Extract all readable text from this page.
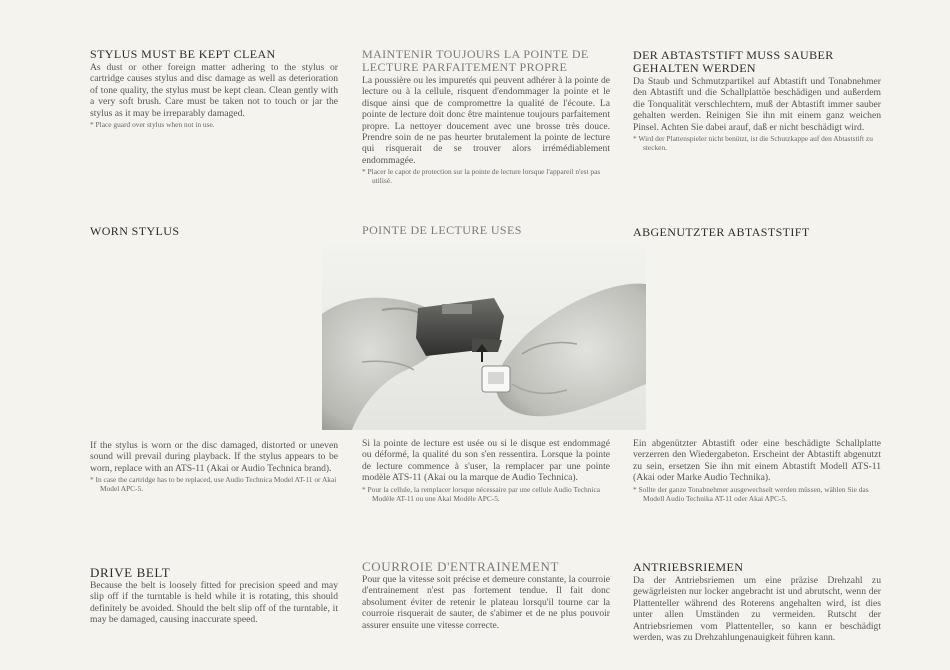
STYLUS MUST BE KEPT CLEAN

As dust or other foreign matter adhering to the stylus or cartridge causes stylus and disc damage as well as deterioration of tone quality, the stylus must be kept clean. Clean gently with a very soft brush. Care must be taken not to touch or jar the stylus as it may be irreparably damaged.

* Place guard over stylus when not in use.

MAINTENIR TOUJOURS LA POINTE DE LECTURE PARFAITEMENT PROPRE

La poussière ou les impuretés qui peuvent adhérer à la pointe de lecture ou à la cellule, risquent d'endommager la pointe et le disque ainsi que de compromettre la qualité de l'écoute. La pointe de lecture doit donc être maintenue toujours parfaitement propre. La nettoyer doucement avec une brosse très douce. Prendre soin de ne pas heurter brutalement la pointe de lecture qui risquerait de se trouver alors irrémédiablement endommagée.

* Placer le capot de protection sur la pointe de lecture lorsque l'appareil n'est pas utilisé.

DER ABTASTSTIFT MUSS SAUBER GEHALTEN WERDEN

Da Staub und Schmutzpartikel auf Abtastift und Tonabnehmer den Abtastift und die Schallplattöe beschädigen und außerdem die Tonqualität verschlechtern, muß der Abtastift immer sauber gehalten werden. Reinigen Sie ihn mit einem ganz weichen Pinsel. Achten Sie dabei arauf, daß er nicht beschädigt wird.

* Wird der Plattenspieler nicht benützt, ist die Schutzkappe auf den Abtaststift zu stecken.

WORN STYLUS	POINTE DE LECTURE USES	ABGENUTZTER ABTASTSTIFT

If the stylus is worn or the disc damaged, distorted or uneven sound will prevail during playback. If the stylus appears to be worn, replace with an ATS-11 (Akai or Audio Technica brand).

* In case the cartridge has to be replaced, use Audio Technica Model AT-11 or Akai Model APC-5.

Si la pointe de lecture est usée ou si le disque est endommagé ou déformé, la qualité du son s'en ressentira. Lorsque la pointe de lecture commence à s'user, la remplacer par une pointe modèle ATS-11 (Akai ou la marque de Audio Technica).

* Pour la cellule, la remplacer lorsque nécessaire par une cellule Audio Technica Modèle AT-11 ou une Akai Modèle APC-5.

Ein abgenützter Abtastift oder eine beschädigte Schallplatte verzerren den Wiedergabeton. Erscheint der Abtastift abgenutzt zu sein, ersetzen Sie ihn mit einem Abtastift Modell ATS-11 (Akai oder Marke Audio Technika).

* Sollte der ganze Tonabnehmer ausgewechselt werden müssen, wählen Sie das Modell Audio Technika AT-11 oder Akai APC-5.

DRIVE BELT

Because the belt is loosely fitted for precision speed and may slip off if the turntable is held while it is rotating, this should definitely be avoided. Should the belt slip off of the turntable, it may be damaged, causing inaccurate speed.

COURROIE D'ENTRAINEMENT

Pour que la vitesse soit précise et demeure constante, la courroie d'entrainement n'est pas fortement tendue. Il fait donc absolument éviter de retenir le plateau lorsqu'il tourne car la courroie risquerait de sauter, de s'abimer et de ne plus pouvoir assurer ensuite une vitesse correcte.

ANTRIEBSRIEMEN

Da der Antriebsriemen um eine präzise Drehzahl zu gewägrleisten nur locker angebracht ist und abrutscht, wenn der Plattenteller während des Roterens angehalten wird, ist dies unter allen Umständen zu vermeiden. Rutscht der Antriebsriemen vom Plattenteller, so kann er beschädigt werden, was zu Drehzahlungenauigkeit führen kann.
